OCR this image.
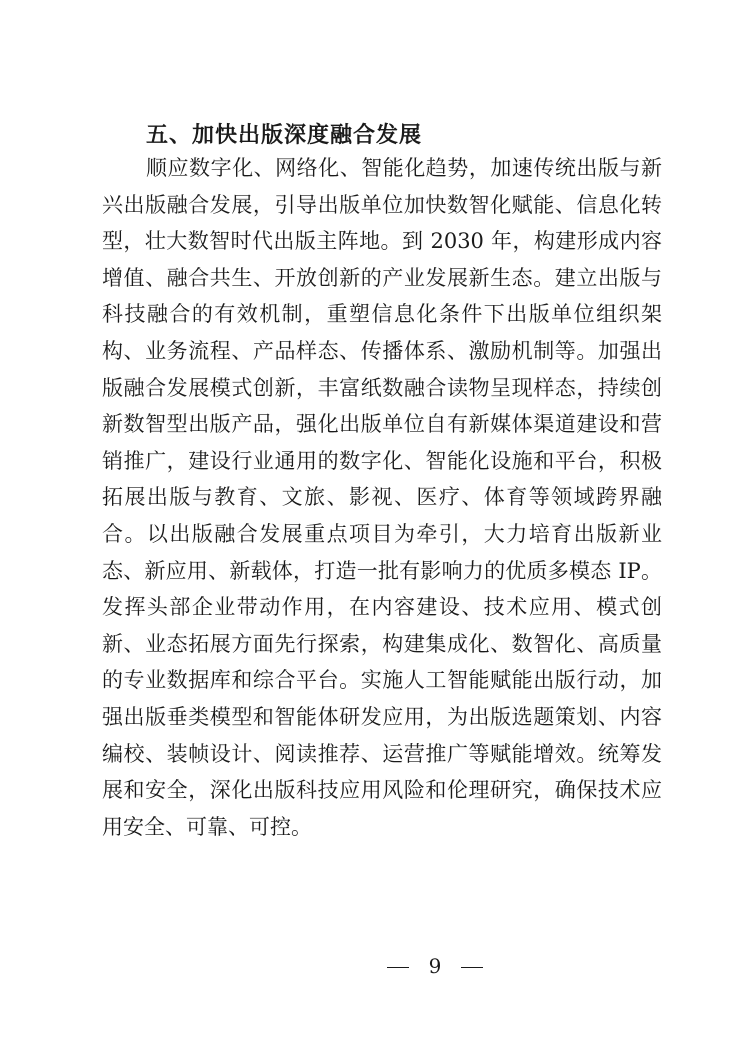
五、加快出版深度融合发展
顺应数字化、网络化、智能化趋势，加速传统出版与新
兴出版融合发展，引导出版单位加快数智化赋能、信息化转
型，壮大数智时代出版主阵地。到 2030 年，构建形成内容
增值、融合共生、开放创新的产业发展新生态。建立出版与
科技融合的有效机制，重塑信息化条件下出版单位组织架
构、业务流程、产品样态、传播体系、激励机制等。加强出
版融合发展模式创新，丰富纸数融合读物呈现样态，持续创
新数智型出版产品，强化出版单位自有新媒体渠道建设和营
销推广，建设行业通用的数字化、智能化设施和平台，积极
拓展出版与教育、文旅、影视、医疗、体育等领域跨界融
合。以出版融合发展重点项目为牵引，大力培育出版新业
态、新应用、新载体，打造一批有影响力的优质多模态 IP。
发挥头部企业带动作用，在内容建设、技术应用、模式创
新、业态拓展方面先行探索，构建集成化、数智化、高质量
的专业数据库和综合平台。实施人工智能赋能出版行动，加
强出版垂类模型和智能体研发应用，为出版选题策划、内容
编校、装帧设计、阅读推荐、运营推广等赋能增效。统筹发
展和安全，深化出版科技应用风险和伦理研究，确保技术应
用安全、可靠、可控。
9
